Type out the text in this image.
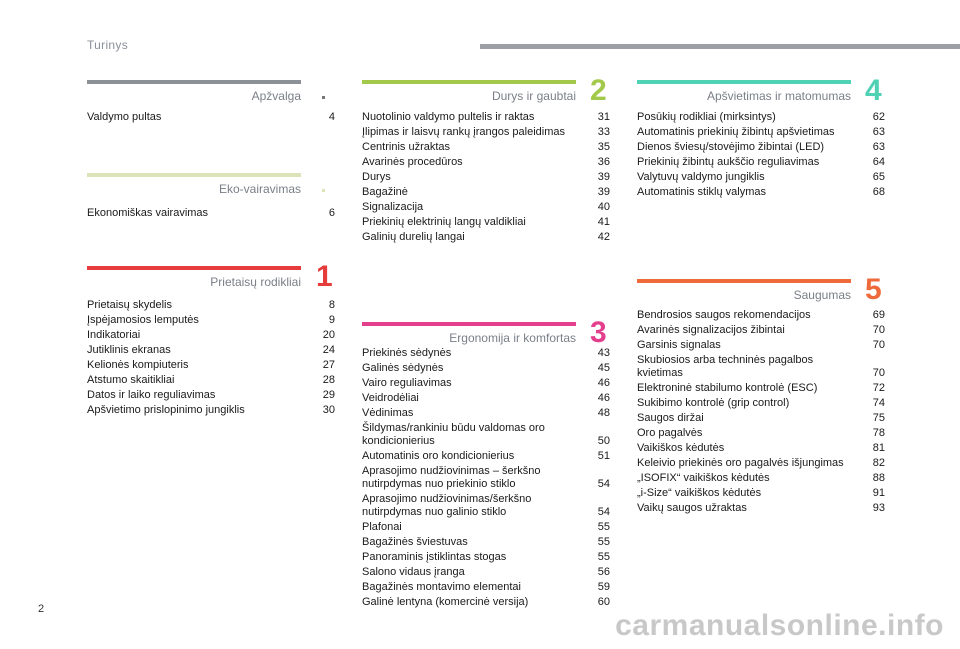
Turinys
Apžvalga
Eko-vairavimas
Prietaisų rodikliai 1
Durys ir gaubtai 2
Ergonomija ir komfortas 3
Apšvietimas ir matomumas 4
Saugumas 5
Valdymo pultas	4
Ekonomiškas vairavimas	6
Prietaisų skydelis	8
Įspėjamosios lemputės	9
Indikatoriai	20
Jutiklinis ekranas	24
Kelionės kompiuteris	27
Atstumo skaitikliai	28
Datos ir laiko reguliavimas	29
Apšvietimo prislopinimo jungiklis	30
Nuotolinio valdymo pultelis ir raktas	31
Įlipimas ir laisvų rankų įrangos paleidimas	33
Centrinis užraktas	35
Avarinės procedūros	36
Durys	39
Bagažinė	39
Signalizacija	40
Priekinių elektrinių langų valdikliai	41
Galinių durelių langai	42
Priekinės sėdynės	43
Galinės sėdynės	45
Vairo reguliavimas	46
Veidrodėliai	46
Vėdinimas	48
Šildymas/rankiniu būdu valdomas oro
kondicionierius	50
Automatinis oro kondicionierius	51
Aprasojimo nudžiovinimas – šerkšno
nutirpdymas nuo priekinio stiklo	54
Aprasojimo nudžiovinimas/šerkšno
nutirpdymas nuo galinio stiklo	54
Plafonai	55
Bagažinės šviestuvas	55
Panoraminis įstiklintas stogas	55
Salono vidaus įranga	56
Bagažinės montavimo elementai	59
Galinė lentyna (komercinė versija)	60
Posūkių rodikliai (mirksintys)	62
Automatinis priekinių žibintų apšvietimas	63
Dienos šviesų/stovėjimo žibintai (LED)	63
Priekinių žibintų aukščio reguliavimas	64
Valytuvų valdymo jungiklis	65
Automatinis stiklų valymas	68
Bendrosios saugos rekomendacijos	69
Avarinės signalizacijos žibintai	70
Garsinis signalas	70
Skubiosios arba techninės pagalbos
kvietimas	70
Elektroninė stabilumo kontrolė (ESC)	72
Sukibimo kontrolė (grip control)	74
Saugos diržai	75
Oro pagalvės	78
Vaikiškos kėdutės	81
Keleivio priekinės oro pagalvės išjungimas	82
„ISOFIX“ vaikiškos kėdutės	88
„i-Size“ vaikiškos kėdutės	91
Vaikų saugos užraktas	93
2	carmanualsonline.info
